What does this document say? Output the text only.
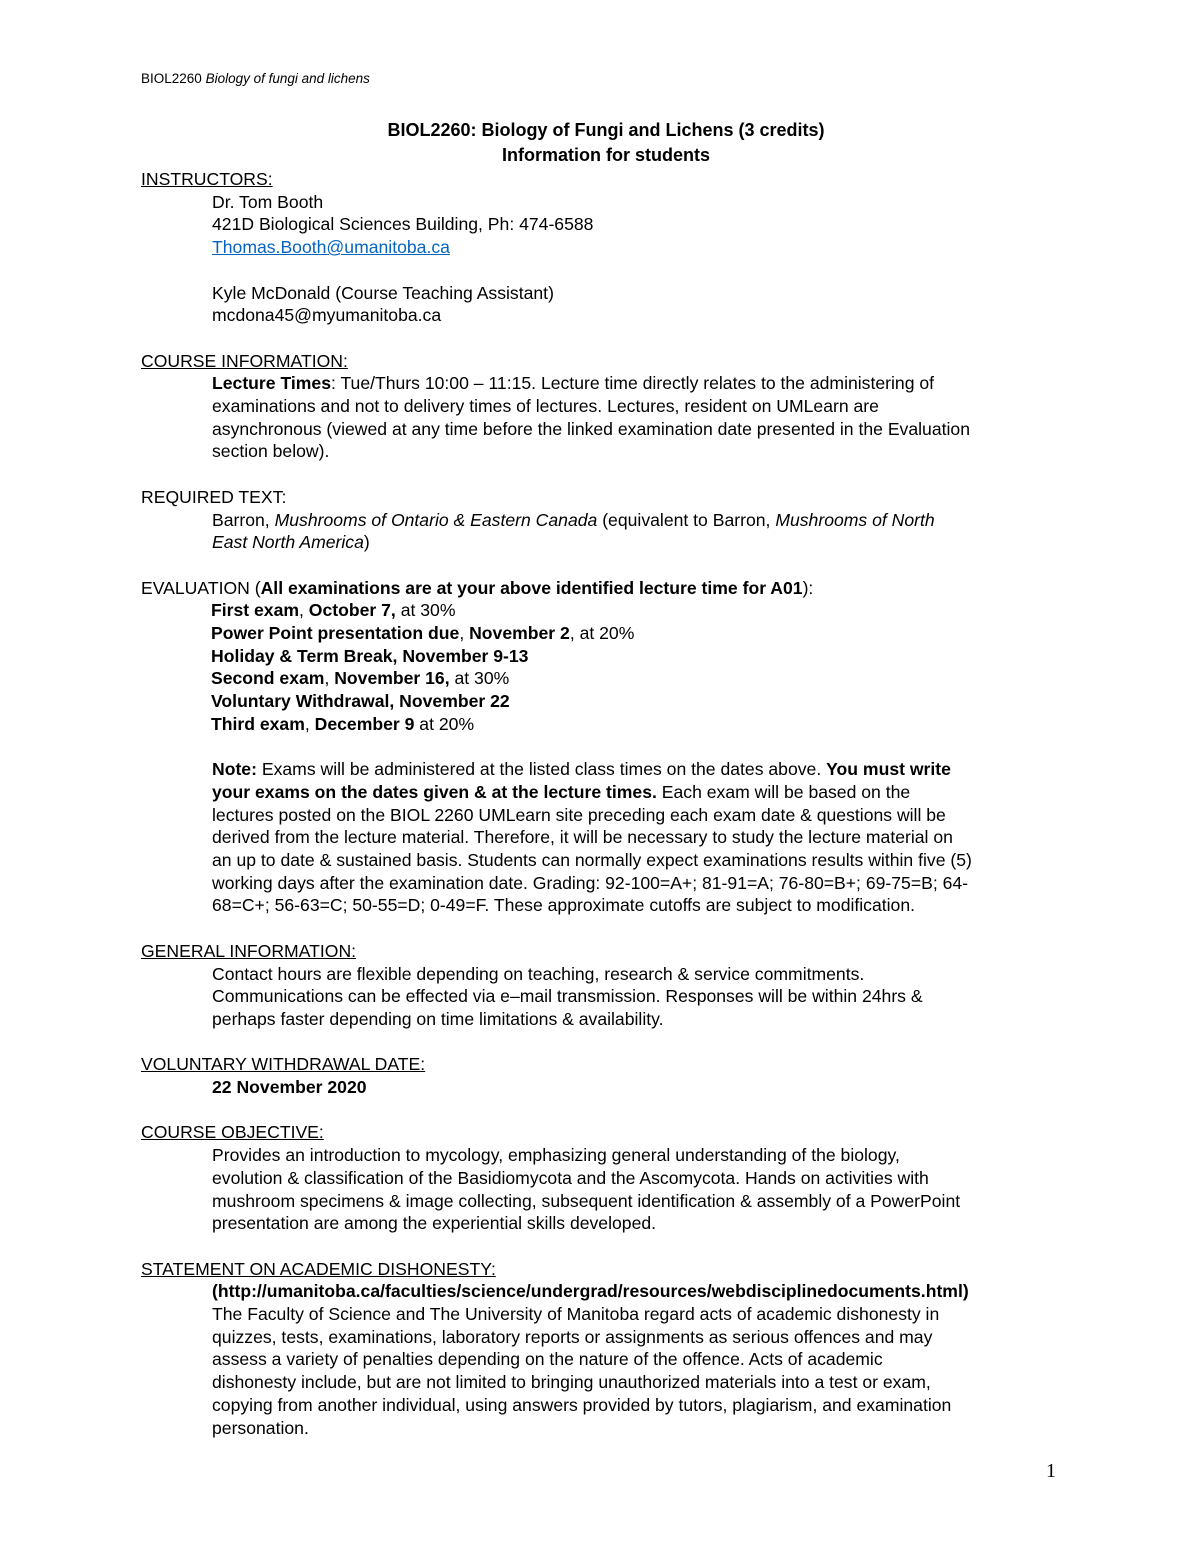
BIOL2260 Biology of fungi and lichens

BIOL2260: Biology of Fungi and Lichens (3 credits)

Information for students

INSTRUCTORS:

Dr. Tom Booth

421D Biological Sciences Building, Ph: 474-6588

Thomas.Booth@umanitoba.ca

Kyle McDonald (Course Teaching Assistant)

mcdona45@myumanitoba.ca

COURSE INFORMATION:

Lecture Times: Tue/Thurs 10:00 – 11:15. Lecture time directly relates to the administering of

examinations and not to delivery times of lectures. Lectures, resident on UMLearn are

asynchronous (viewed at any time before the linked examination date presented in the Evaluation

section below).

REQUIRED TEXT:

Barron, Mushrooms of Ontario & Eastern Canada (equivalent to Barron, Mushrooms of North

East North America)

EVALUATION (All examinations are at your above identified lecture time for A01):

First exam, October 7, at 30%

Power Point presentation due, November 2, at 20%

Holiday & Term Break, November 9-13

Second exam, November 16, at 30%

Voluntary Withdrawal, November 22

Third exam, December 9 at 20%

Note: Exams will be administered at the listed class times on the dates above. You must write

your exams on the dates given & at the lecture times. Each exam will be based on the

lectures posted on the BIOL 2260 UMLearn site preceding each exam date & questions will be

derived from the lecture material. Therefore, it will be necessary to study the lecture material on

an up to date & sustained basis. Students can normally expect examinations results within five (5)

working days after the examination date. Grading: 92-100=A+; 81-91=A; 76-80=B+; 69-75=B; 64-

68=C+; 56-63=C; 50-55=D; 0-49=F. These approximate cutoffs are subject to modification.

GENERAL INFORMATION:

Contact hours are flexible depending on teaching, research & service commitments.

Communications can be effected via e–mail transmission. Responses will be within 24hrs &

perhaps faster depending on time limitations & availability.

VOLUNTARY WITHDRAWAL DATE:

22 November 2020

COURSE OBJECTIVE:

Provides an introduction to mycology, emphasizing general understanding of the biology,

evolution & classification of the Basidiomycota and the Ascomycota. Hands on activities with

mushroom specimens & image collecting, subsequent identification & assembly of a PowerPoint

presentation are among the experiential skills developed.

STATEMENT ON ACADEMIC DISHONESTY:

(http://umanitoba.ca/faculties/science/undergrad/resources/webdisciplinedocuments.html)

The Faculty of Science and The University of Manitoba regard acts of academic dishonesty in

quizzes, tests, examinations, laboratory reports or assignments as serious offences and may

assess a variety of penalties depending on the nature of the offence. Acts of academic

dishonesty include, but are not limited to bringing unauthorized materials into a test or exam,

copying from another individual, using answers provided by tutors, plagiarism, and examination

personation.

1
